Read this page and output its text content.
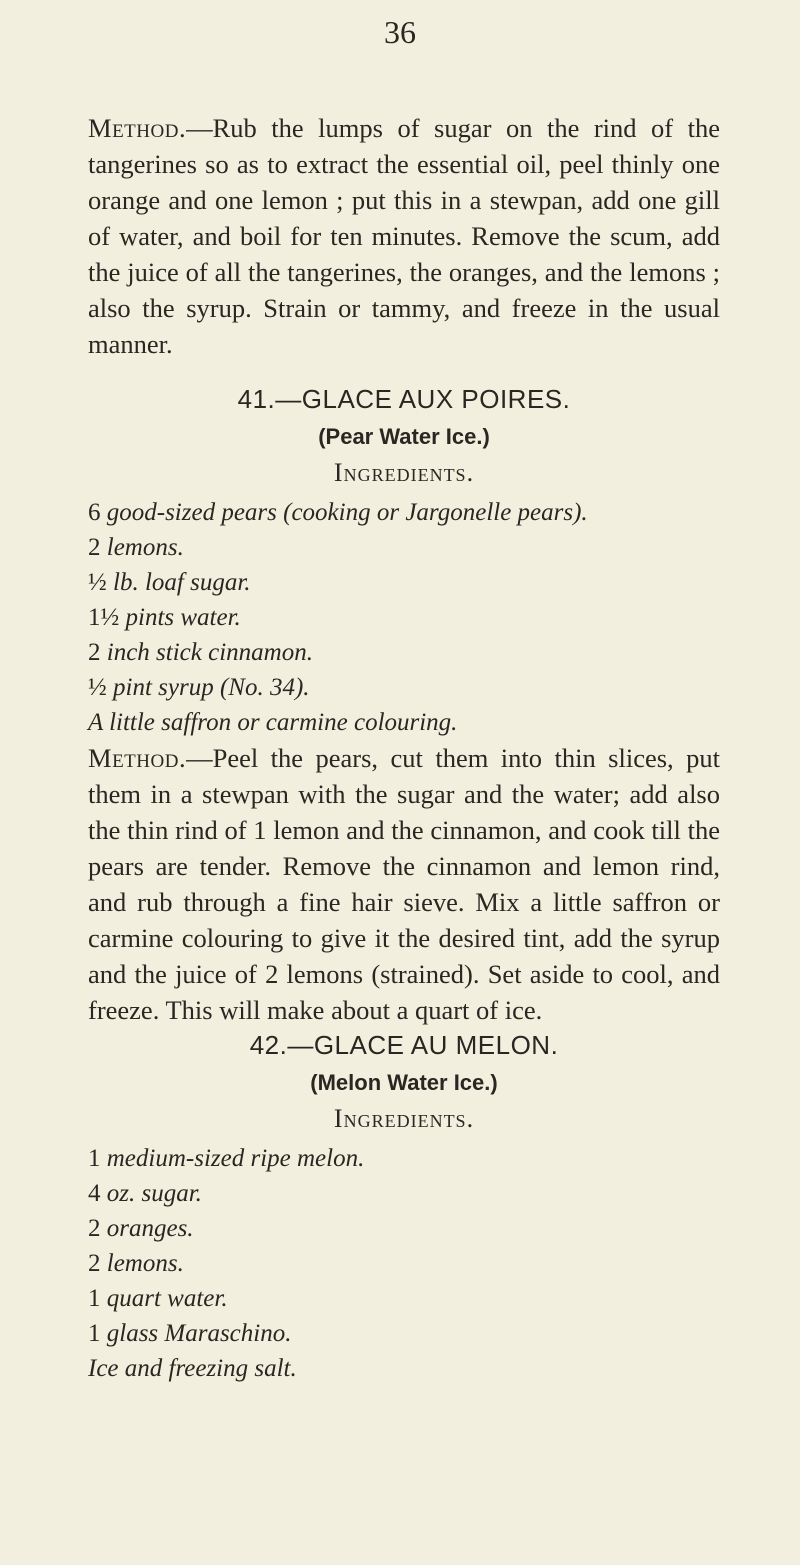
36

Method.—Rub the lumps of sugar on the rind of the tangerines so as to extract the essential oil, peel thinly one orange and one lemon ; put this in a stewpan, add one gill of water, and boil for ten minutes. Remove the scum, add the juice of all the tangerines, the oranges, and the lemons ; also the syrup. Strain or tammy, and freeze in the usual manner.

41.—GLACE AUX POIRES.

(Pear Water Ice.)

Ingredients.

6 good-sized pears (cooking or Jargonelle pears).
2 lemons.
½ lb. loaf sugar.
1½ pints water.
2 inch stick cinnamon.
½ pint syrup (No. 34).
A little saffron or carmine colouring.

Method.—Peel the pears, cut them into thin slices, put them in a stewpan with the sugar and the water; add also the thin rind of 1 lemon and the cinnamon, and cook till the pears are tender. Remove the cinnamon and lemon rind, and rub through a fine hair sieve. Mix a little saffron or carmine colouring to give it the desired tint, add the syrup and the juice of 2 lemons (strained). Set aside to cool, and freeze. This will make about a quart of ice.

42.—GLACE AU MELON.

(Melon Water Ice.)

Ingredients.

1 medium-sized ripe melon.
4 oz. sugar.
2 oranges.
2 lemons.
1 quart water.
1 glass Maraschino.
Ice and freezing salt.
